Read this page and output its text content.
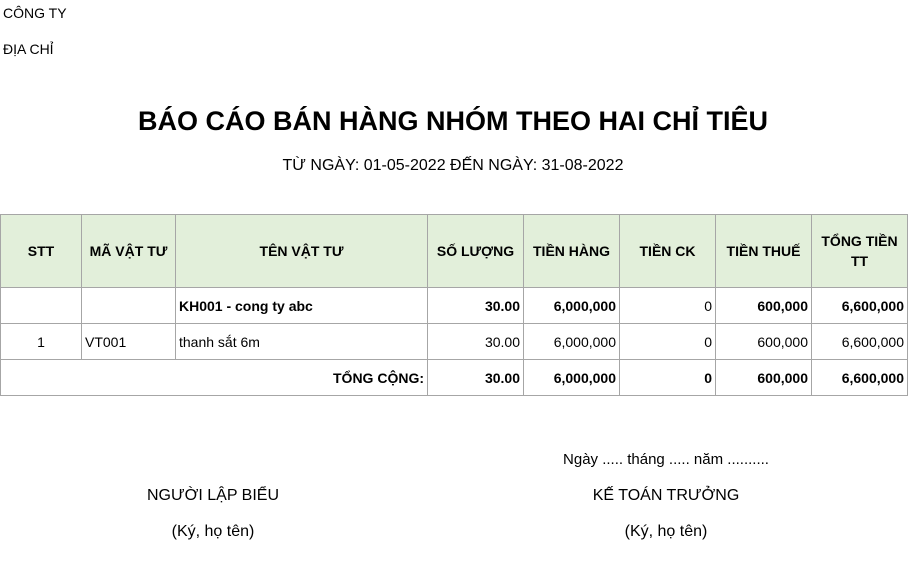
CÔNG TY
ĐỊA CHỈ
BÁO CÁO BÁN HÀNG NHÓM THEO HAI CHỈ TIÊU
TỪ NGÀY: 01-05-2022 ĐẾN NGÀY: 31-08-2022
STT	MÃ VẬT TƯ	TÊN VẬT TƯ	SỐ LƯỢNG	TIỀN HÀNG	TIỀN CK	TIỀN THUẾ	TỔNG TIỀN TT
		KH001 - cong ty abc	30.00	6,000,000	0	600,000	6,600,000
1	VT001	thanh sắt 6m	30.00	6,000,000	0	600,000	6,600,000
TỔNG CỘNG:			30.00	6,000,000	0	600,000	6,600,000
Ngày ..... tháng ..... năm ..........
NGƯỜI LẬP BIỂU
(Ký, họ tên)
KẾ TOÁN TRƯỞNG
(Ký, họ tên)
